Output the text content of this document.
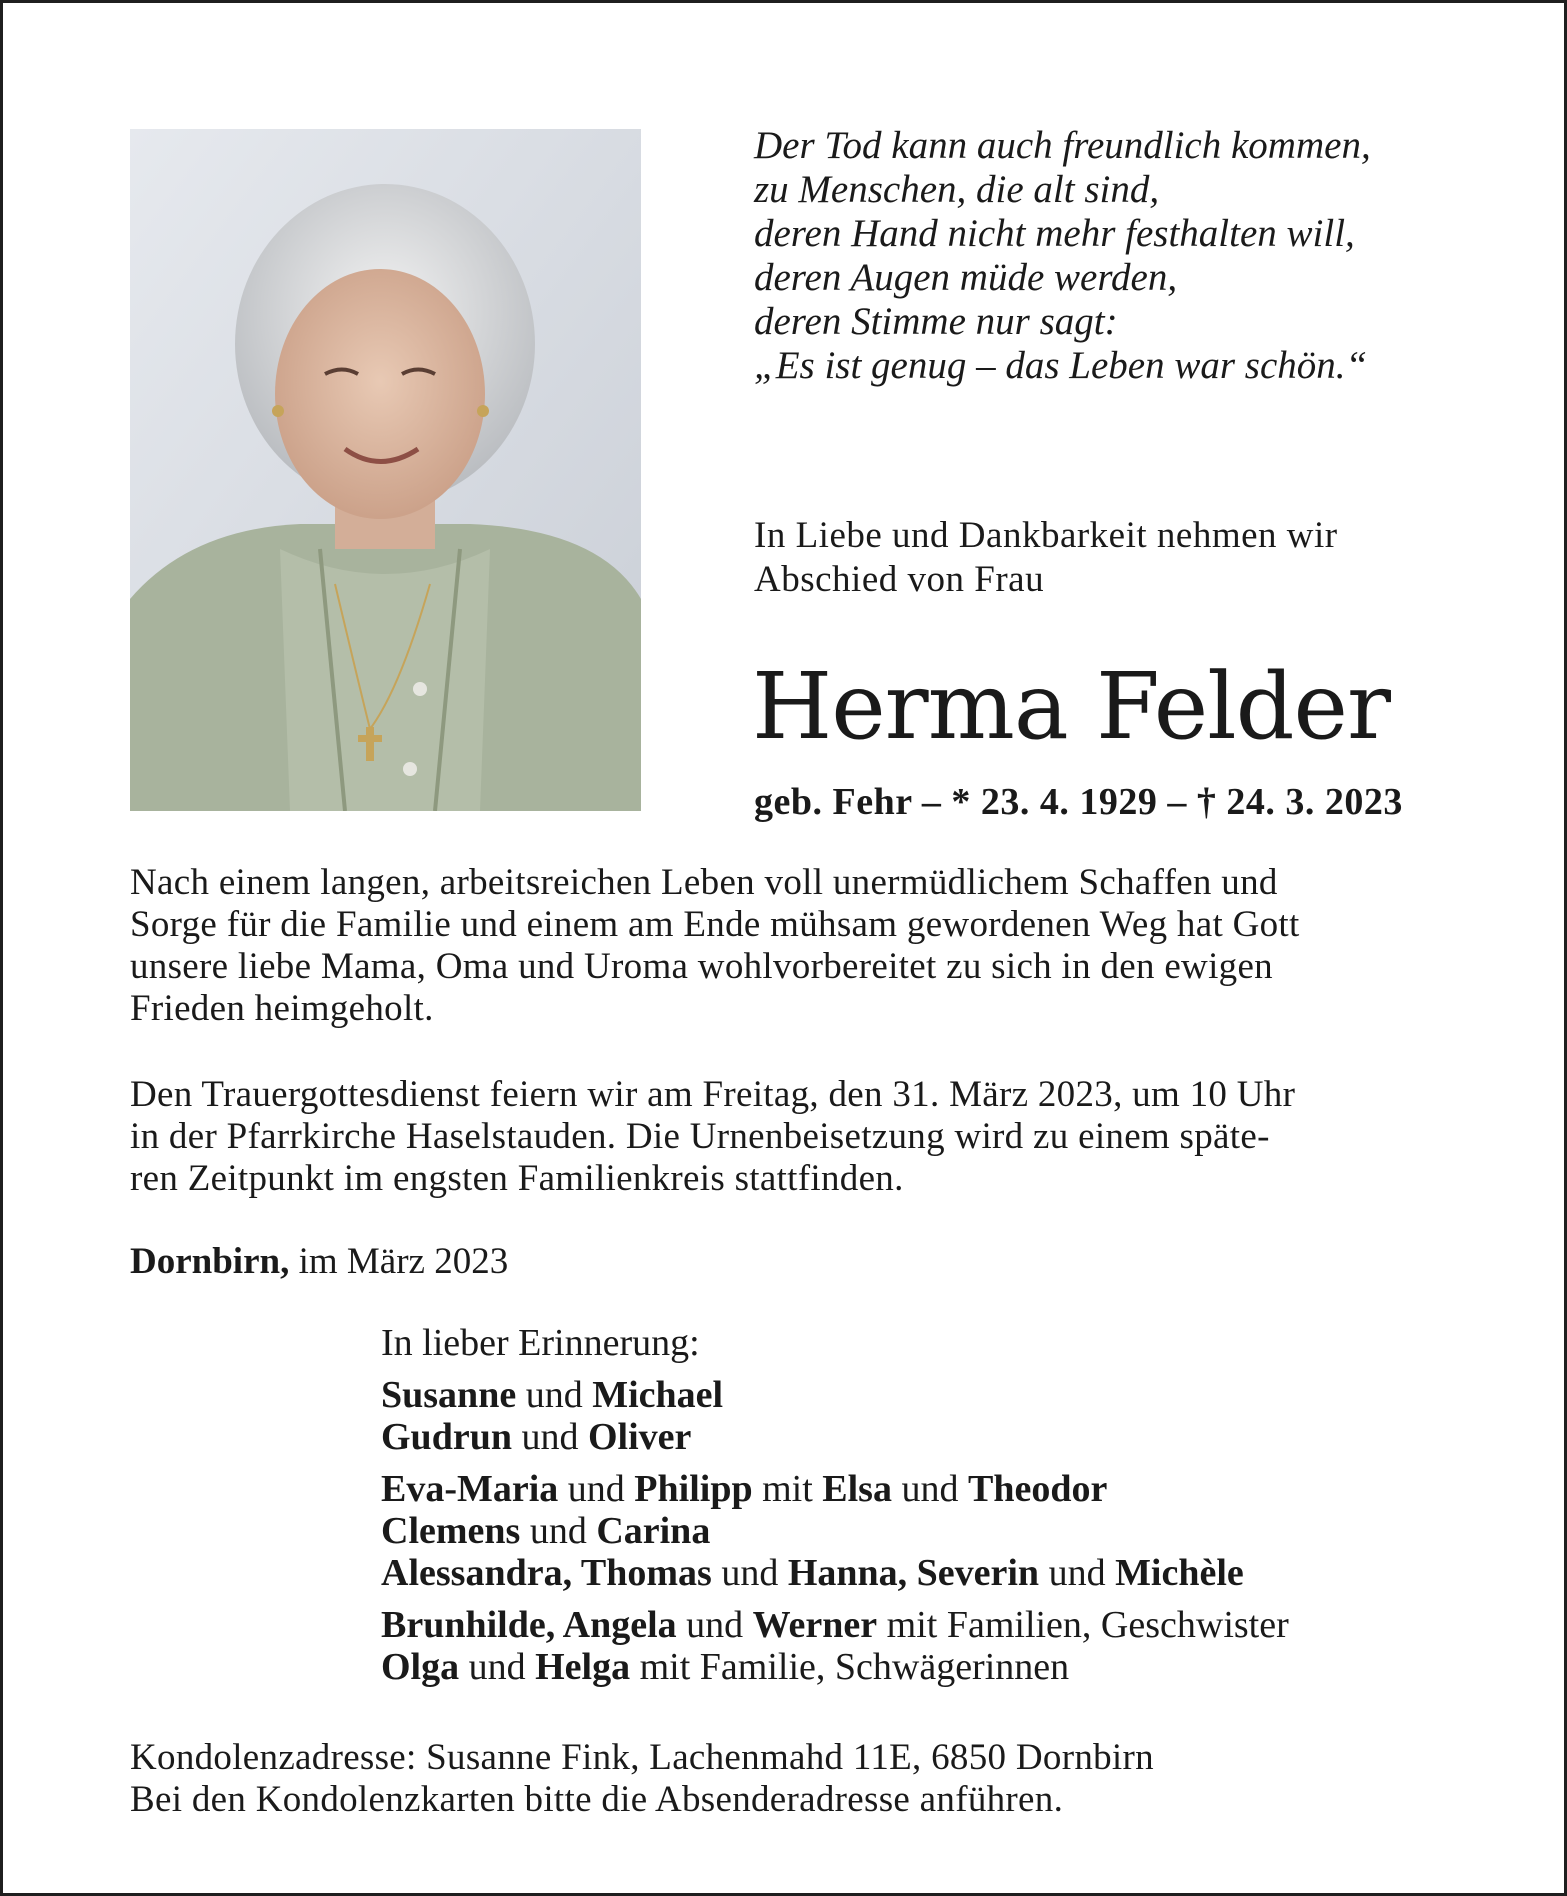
Der Tod kann auch freundlich kommen,
zu Menschen, die alt sind,
deren Hand nicht mehr festhalten will,
deren Augen müde werden,
deren Stimme nur sagt:
„Es ist genug – das Leben war schön.“
In Liebe und Dankbarkeit nehmen wir
Abschied von Frau
Herma Felder
geb. Fehr – * 23. 4. 1929 – † 24. 3. 2023
Nach einem langen, arbeitsreichen Leben voll unermüdlichem Schaffen und
Sorge für die Familie und einem am Ende mühsam gewordenen Weg hat Gott
unsere liebe Mama, Oma und Uroma wohlvorbereitet zu sich in den ewigen
Frieden heimgeholt.
Den Trauergottesdienst feiern wir am Freitag, den 31. März 2023, um 10 Uhr
in der Pfarrkirche Haselstauden. Die Urnenbeisetzung wird zu einem späte-
ren Zeitpunkt im engsten Familienkreis stattfinden.
Dornbirn, im März 2023
In lieber Erinnerung:
Susanne und Michael
Gudrun und Oliver
Eva-Maria und Philipp mit Elsa und Theodor
Clemens und Carina
Alessandra, Thomas und Hanna, Severin und Michèle
Brunhilde, Angela und Werner mit Familien, Geschwister
Olga und Helga mit Familie, Schwägerinnen
Kondolenzadresse: Susanne Fink, Lachenmahd 11E, 6850 Dornbirn
Bei den Kondolenzkarten bitte die Absenderadresse anführen.
